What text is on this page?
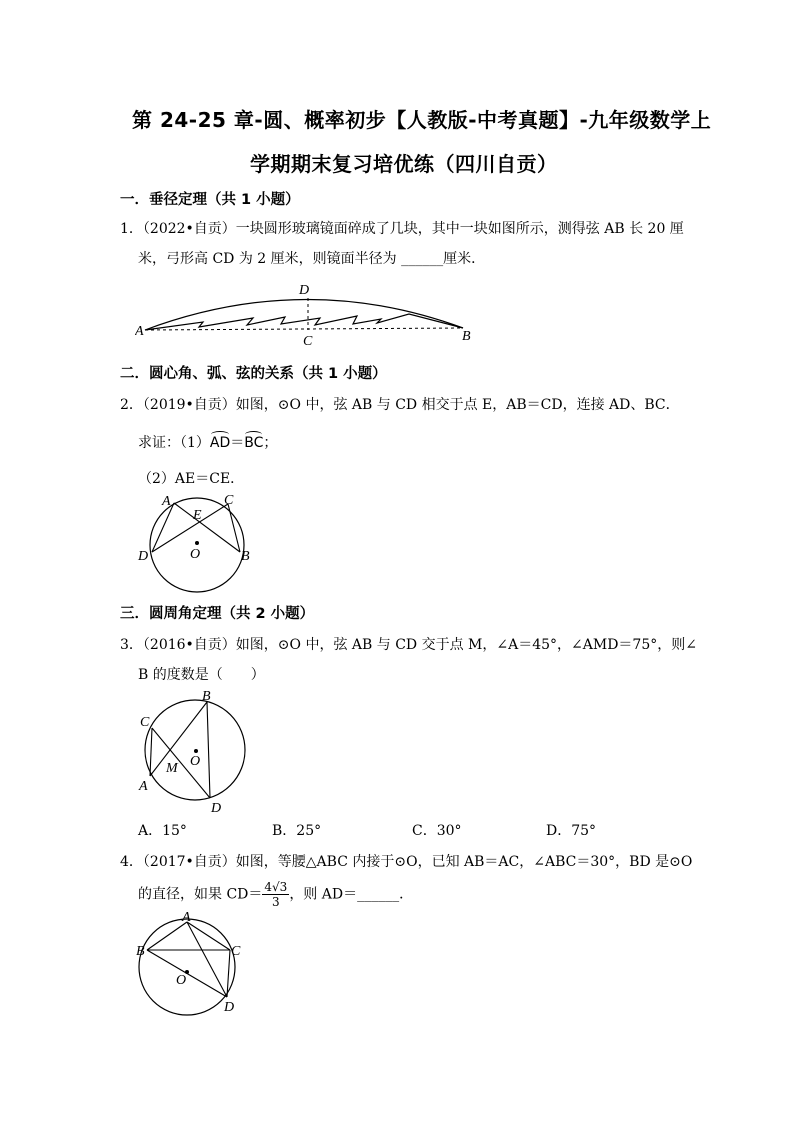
第 24-25 章-圆、概率初步【人教版-中考真题】-九年级数学上
学期期末复习培优练（四川自贡）
一．垂径定理（共 1 小题）
1．（2022•自贡）一块圆形玻璃镜面碎成了几块，其中一块如图所示，测得弦 AB 长 20 厘
米，弓形高 CD 为 2 厘米，则镜面半径为 ______厘米．
A	B
C
D
二．圆心角、弧、弦的关系（共 1 小题）
2．（2019•自贡）如图，⊙O 中，弦 AB 与 CD 相交于点 E，AB＝CD，连接 AD、BC．
求证：（1）AD＝BC；
（2）AE＝CE．
A	C
E
D	B
O
三．圆周角定理（共 2 小题）
3．（2016•自贡）如图，⊙O 中，弦 AB 与 CD 交于点 M，∠A＝45°，∠AMD＝75°，则∠
B 的度数是（　　）
C
B
M O
A
D
A．15°	B．25°	C．30°	D．75°
4．（2017•自贡）如图，等腰△ABC 内接于⊙O，已知 AB＝AC，∠ABC＝30°，BD 是⊙O
的直径，如果 $CD= \frac{4√3}{3}$ ，则 AD＝______．
A
B	C
O
D
